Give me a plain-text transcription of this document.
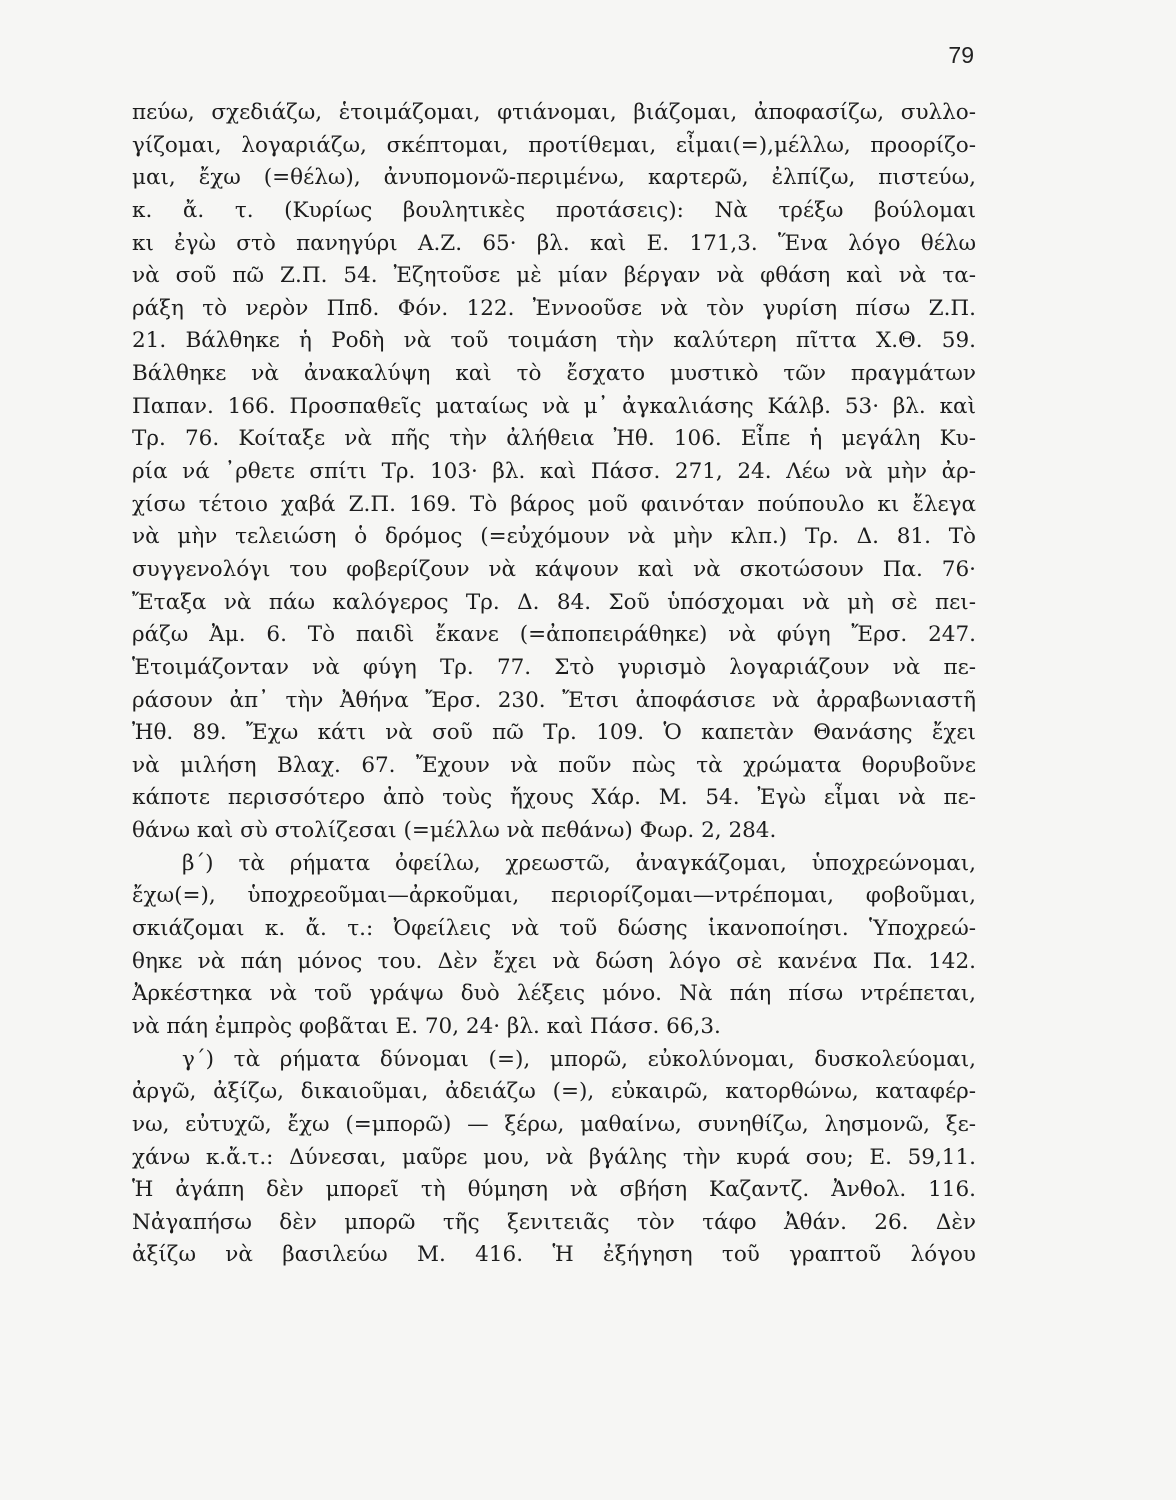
79
πεύω, σχεδιάζω, ἑτοιμάζομαι, φτιάνομαι, βιάζομαι, ἀποφασίζω, συλλο-
γίζομαι, λογαριάζω, σκέπτομαι, προτίθεμαι, εἶμαι(=),μέλλω, προορίζο-
μαι, ἔχω (=θέλω), ἀνυπομονῶ-περιμένω, καρτερῶ, ἐλπίζω, πιστεύω,
κ. ἄ. τ. (Κυρίως βουλητικὲς προτάσεις): Νὰ τρέξω βούλομαι
κι ἐγὼ στὸ πανηγύρι Α.Ζ. 65· βλ. καὶ Ε. 171,3. Ἕνα λόγο θέλω
νὰ σοῦ πῶ Ζ.Π. 54. Ἐζητοῦσε μὲ μίαν βέργαν νὰ φθάση καὶ νὰ τα-
ράξη τὸ νερὸν Ππδ. Φόν. 122. Ἐννοοῦσε νὰ τὸν γυρίση πίσω Ζ.Π.
21. Βάλθηκε ἡ Ροδὴ νὰ τοῦ τοιμάση τὴν καλύτερη πῖττα Χ.Θ. 59.
Βάλθηκε νὰ ἀνακαλύψη καὶ τὸ ἔσχατο μυστικὸ τῶν πραγμάτων
Παπαν. 166. Προσπαθεῖς ματαίως νὰ μ᾽ ἀγκαλιάσης Κάλβ. 53· βλ. καὶ
Τρ. 76. Κοίταξε νὰ πῆς τὴν ἀλήθεια Ἠθ. 106. Εἶπε ἡ μεγάλη Κυ-
ρία νά ᾽ρθετε σπίτι Τρ. 103· βλ. καὶ Πάσσ. 271, 24. Λέω νὰ μὴν ἀρ-
χίσω τέτοιο χαβά Ζ.Π. 169. Τὸ βάρος μοῦ φαινόταν πούπουλο κι ἔλεγα
νὰ μὴν τελειώση ὁ δρόμος (=εὐχόμουν νὰ μὴν κλπ.) Τρ. Δ. 81. Τὸ
συγγενολόγι του φοβερίζουν νὰ κάψουν καὶ νὰ σκοτώσουν Πα. 76·
Ἔταξα νὰ πάω καλόγερος Τρ. Δ. 84. Σοῦ ὑπόσχομαι νὰ μὴ σὲ πει-
ράζω Ἀμ. 6. Τὸ παιδὶ ἔκανε (=ἀποπειράθηκε) νὰ φύγη Ἔρσ. 247.
Ἑτοιμάζονταν νὰ φύγη Τρ. 77. Στὸ γυρισμὸ λογαριάζουν νὰ πε-
ράσουν ἀπ᾽ τὴν Ἀθήνα Ἔρσ. 230. Ἔτσι ἀποφάσισε νὰ ἀρραβωνιαστῆ
Ἠθ. 89. Ἔχω κάτι νὰ σοῦ πῶ Τρ. 109. Ὁ καπετὰν Θανάσης ἔχει
νὰ μιλήση Βλαχ. 67. Ἔχουν νὰ ποῦν πὼς τὰ χρώματα θορυβοῦνε
κάποτε περισσότερο ἀπὸ τοὺς ἤχους Χάρ. Μ. 54. Ἐγὼ εἶμαι νὰ πε-
θάνω καὶ σὺ στολίζεσαι (=μέλλω νὰ πεθάνω) Φωρ. 2, 284.
β΄) τὰ ρήματα ὀφείλω, χρεωστῶ, ἀναγκάζομαι, ὑποχρεώνομαι,
ἔχω(=), ὑποχρεοῦμαι—ἀρκοῦμαι, περιορίζομαι—ντρέπομαι, φοβοῦμαι,
σκιάζομαι κ. ἄ. τ.: Ὀφείλεις νὰ τοῦ δώσης ἱκανοποίησι. Ὑποχρεώ-
θηκε νὰ πάη μόνος του. Δὲν ἔχει νὰ δώση λόγο σὲ κανένα Πα. 142.
Ἀρκέστηκα νὰ τοῦ γράψω δυὸ λέξεις μόνο. Νὰ πάη πίσω ντρέπεται,
νὰ πάη ἐμπρὸς φοβᾶται Ε. 70, 24· βλ. καὶ Πάσσ. 66,3.
γ΄) τὰ ρήματα δύνομαι (=), μπορῶ, εὐκολύνομαι, δυσκολεύομαι,
ἀργῶ, ἀξίζω, δικαιοῦμαι, ἀδειάζω (=), εὐκαιρῶ, κατορθώνω, καταφέρ-
νω, εὐτυχῶ, ἔχω (=μπορῶ) — ξέρω, μαθαίνω, συνηθίζω, λησμονῶ, ξε-
χάνω κ.ἄ.τ.: Δύνεσαι, μαῦρε μου, νὰ βγάλης τὴν κυρά σου; Ε. 59,11.
Ἡ ἀγάπη δὲν μπορεῖ τὴ θύμηση νὰ σβήση Καζαντζ. Ἀνθολ. 116.
Νἀγαπήσω δὲν μπορῶ τῆς ξενιτειᾶς τὸν τάφο Ἀθάν. 26. Δὲν
ἀξίζω νὰ βασιλεύω Μ. 416. Ἡ ἐξήγηση τοῦ γραπτοῦ λόγου
